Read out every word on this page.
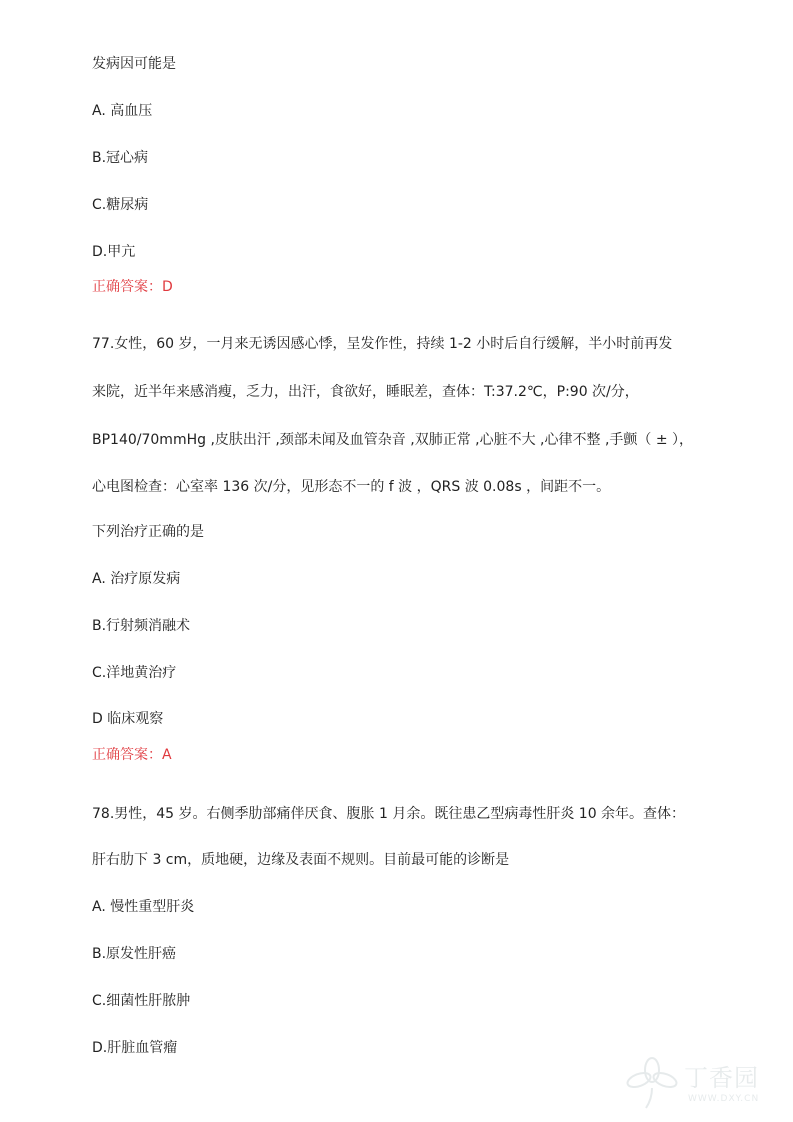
发病因可能是
A. 高血压
B.冠心病
C.糖尿病
D.甲亢
正确答案：D
77.女性，60 岁，一月来无诱因感心悸，呈发作性，持续 1-2 小时后自行缓解，半小时前再发
来院，近半年来感消瘦，乏力，出汗，食欲好，睡眠差，查体：T:37.2℃，P:90 次/分，
BP140/70mmHg ,皮肤出汗 ,颈部未闻及血管杂音 ,双肺正常 ,心脏不大 ,心律不整 ,手颤（ ± ），
心电图检查：心室率 136 次/分，见形态不一的 f 波 ，QRS 波 0.08s ，间距不一。
下列治疗正确的是
A. 治疗原发病
B.行射频消融术
C.洋地黄治疗
D 临床观察
正确答案：A
78.男性，45 岁。右侧季肋部痛伴厌食、腹胀 1 月余。既往患乙型病毒性肝炎 10 余年。查体：
肝右肋下 3 cm，质地硬，边缘及表面不规则。目前最可能的诊断是
A. 慢性重型肝炎
B.原发性肝癌
C.细菌性肝脓肿
D.肝脏血管瘤
丁香园
WWW.DXY.CN
